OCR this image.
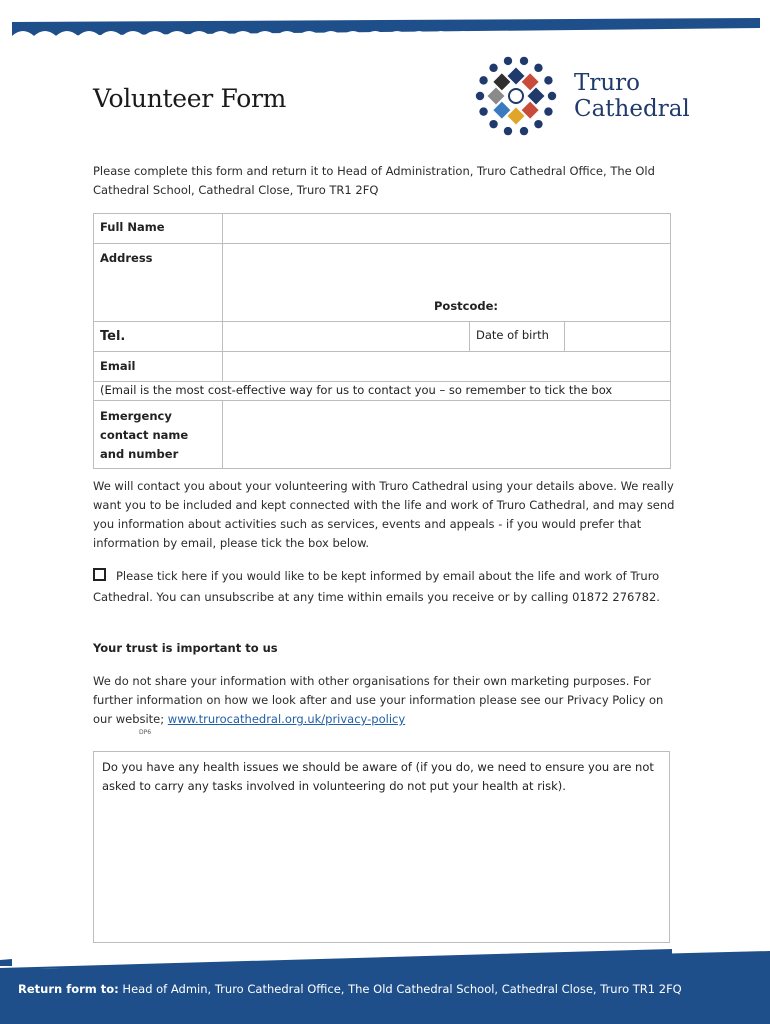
Volunteer Form
Truro
Cathedral
Please complete this form and return it to Head of Administration, Truro Cathedral Office, The Old Cathedral School, Cathedral Close, Truro TR1 2FQ
Full Name			
Address	Postcode:		

Tel.		Date of birth	
Email			
(Email is the most cost-effective way for us to contact you – so remember to tick the box			
Emergency contact name and number			
We will contact you about your volunteering with Truro Cathedral using your details above. We really want you to be included and kept connected with the life and work of Truro Cathedral, and may send you information about activities such as services, events and appeals - if you would prefer that information by email, please tick the box below.
Please tick here if you would like to be kept informed by email about the life and work of Truro Cathedral. You can unsubscribe at any time within emails you receive or by calling 01872 276782.
Your trust is important to us
We do not share your information with other organisations for their own marketing purposes. For further information on how we look after and use your information please see our Privacy Policy on our website; www.trurocathedral.org.uk/privacy-policy
DP6
Do you have any health issues we should be aware of (if you do, we need to ensure you are not asked to carry any tasks involved in volunteering do not put your health at risk).
Return form to: Head of Admin, Truro Cathedral Office, The Old Cathedral School, Cathedral Close, Truro TR1 2FQ
